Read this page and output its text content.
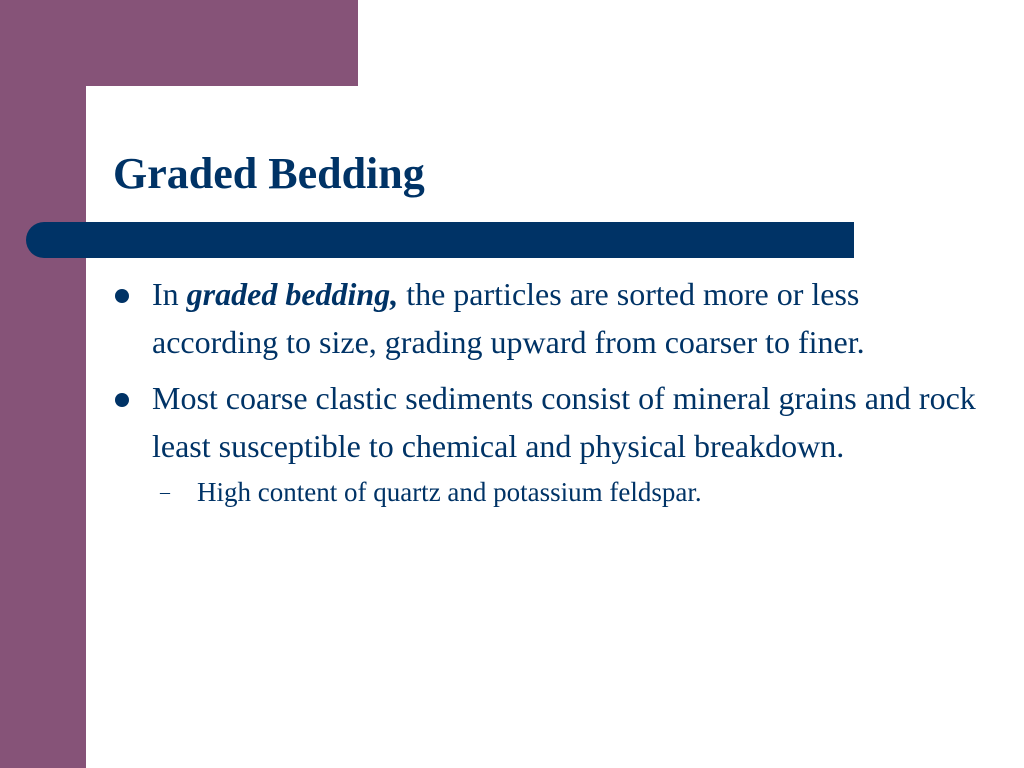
Graded Bedding

In graded bedding, the particles are sorted more or less according to size, grading upward from coarser to finer.

Most coarse clastic sediments consist of mineral grains and rock least susceptible to chemical and physical breakdown.

– High content of quartz and potassium feldspar.
